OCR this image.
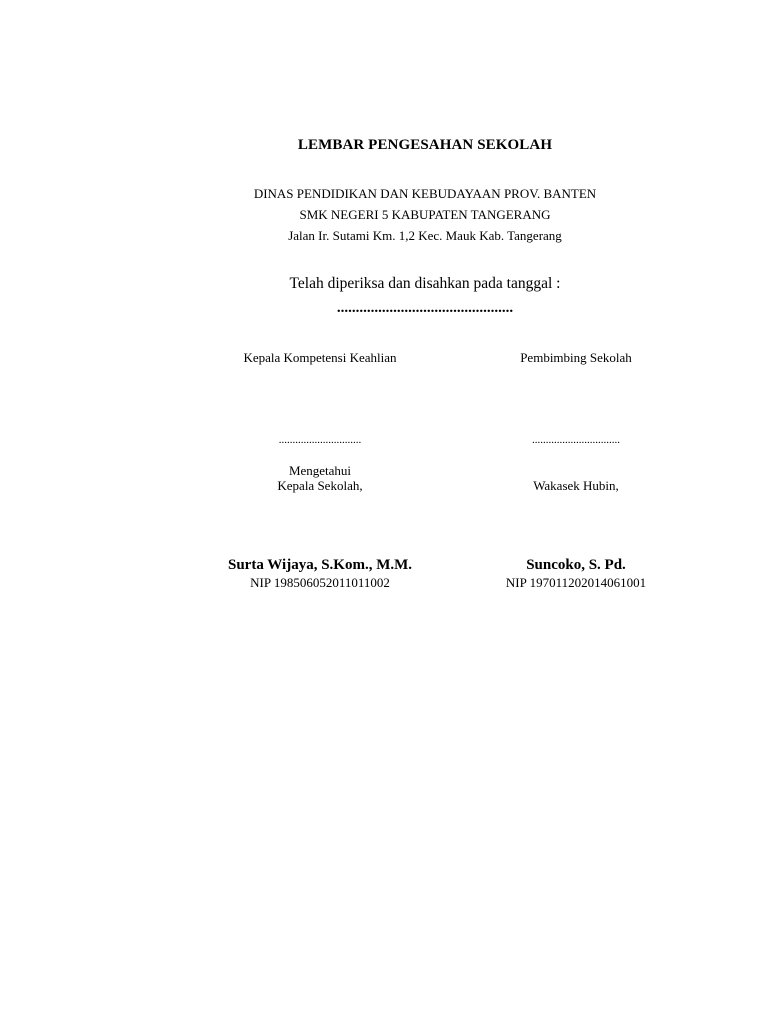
LEMBAR PENGESAHAN SEKOLAH
DINAS PENDIDIKAN DAN KEBUDAYAAN PROV. BANTEN
SMK NEGERI 5 KABUPATEN TANGERANG
Jalan Ir. Sutami Km. 1,2 Kec. Mauk Kab. Tangerang
Telah diperiksa dan disahkan pada tanggal :
...............................................
Kepala Kompetensi Keahlian	Pembimbing Sekolah
..............................	................................
Mengetahui
Kepala Sekolah,	Wakasek Hubin,
Surta Wijaya, S.Kom., M.M.	Suncoko, S. Pd.
NIP 198506052011011002	NIP 197011202014061001
